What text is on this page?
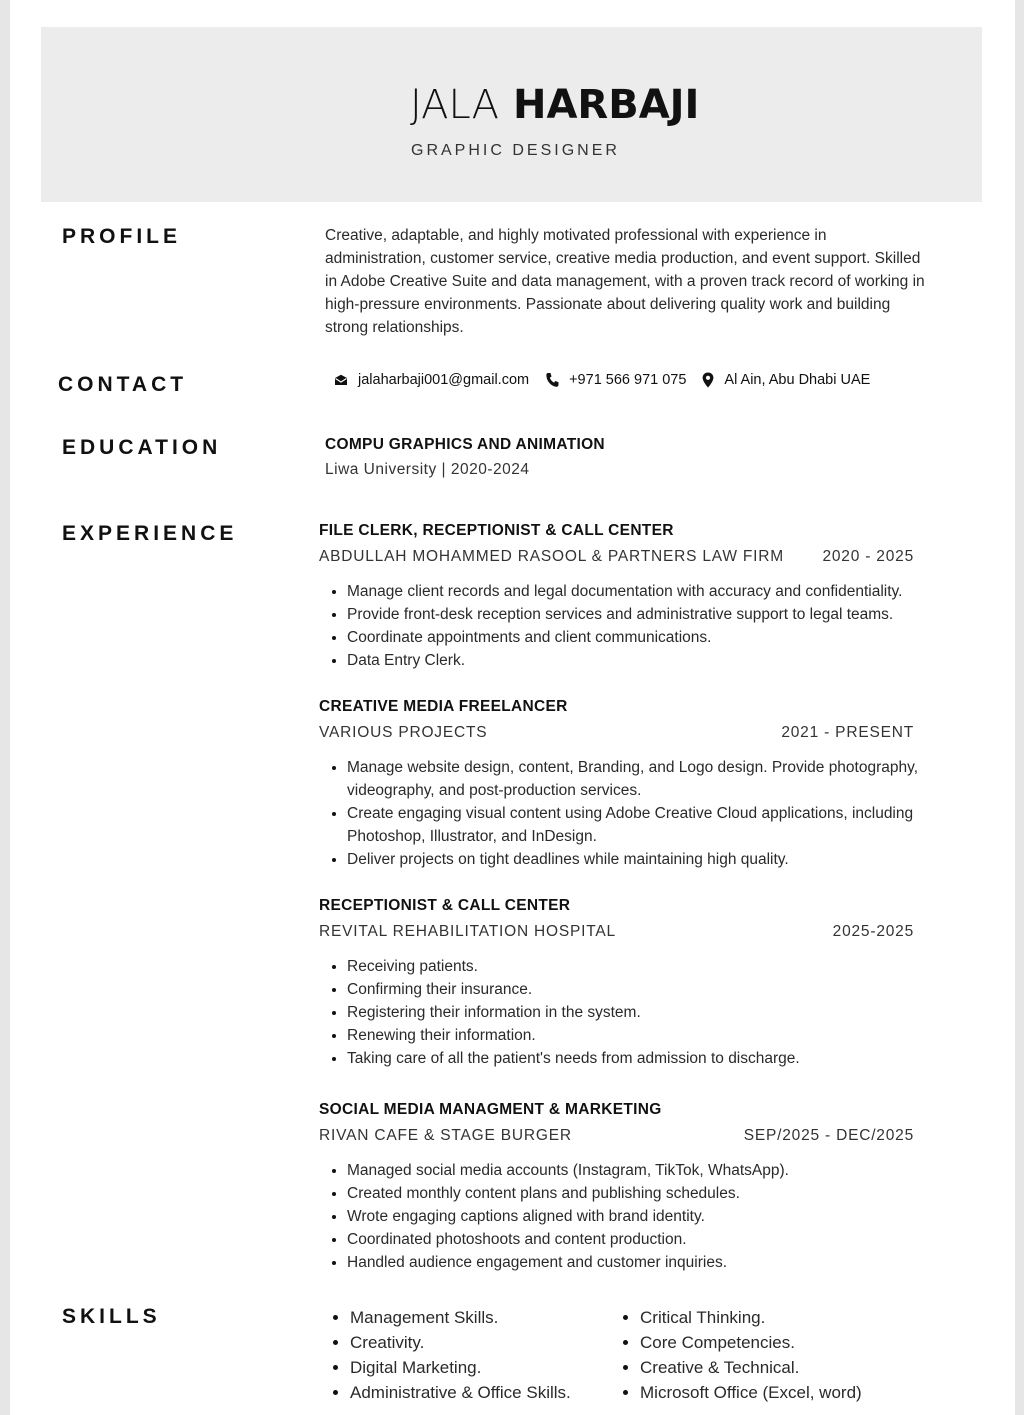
JALA HARBAJI
GRAPHIC DESIGNER
PROFILE	Creative, adaptable, and highly motivated professional with experience in administration, customer service, creative media production, and event support. Skilled in Adobe Creative Suite and data management, with a proven track record of working in high-pressure environments. Passionate about delivering quality work and building strong relationships.

CONTACT	jalaharbaji001@gmail.com	+971 566 971 075	Al Ain, Abu Dhabi UAE
EDUCATION	COMPU GRAPHICS AND ANIMATION
Liwa University | 2020-2024
EXPERIENCE	FILE CLERK, RECEPTIONIST & CALL CENTER
ABDULLAH MOHAMMED RASOOL & PARTNERS LAW FIRM 2020 - 2025
• Manage client records and legal documentation with accuracy and confidentiality.
• Provide front-desk reception services and administrative support to legal teams.
• Coordinate appointments and client communications.
• Data Entry Clerk.
CREATIVE MEDIA FREELANCER
VARIOUS PROJECTS	2021 - PRESENT
• Manage website design, content, Branding, and Logo design. Provide photography, videography, and post-production services.
• Create engaging visual content using Adobe Creative Cloud applications, including Photoshop, Illustrator, and InDesign.
• Deliver projects on tight deadlines while maintaining high quality.
RECEPTIONIST & CALL CENTER
REVITAL REHABILITATION HOSPITAL	2025-2025
• Receiving patients.
• Confirming their insurance.
• Registering their information in the system.
• Renewing their information.
• Taking care of all the patient's needs from admission to discharge.
SOCIAL MEDIA MANAGMENT & MARKETING
RIVAN CAFE & STAGE BURGER	SEP/2025 - DEC/2025
• Managed social media accounts (Instagram, TikTok, WhatsApp).
• Created monthly content plans and publishing schedules.
• Wrote engaging captions aligned with brand identity.
• Coordinated photoshoots and content production.
• Handled audience engagement and customer inquiries.
SKILLS
•	Management Skills.
• Creativity.
• Digital Marketing.
• Administrative & Office Skills.
• Critical Thinking.
• Core Competencies.
• Creative & Technical.
• Microsoft Office (Excel, word)
